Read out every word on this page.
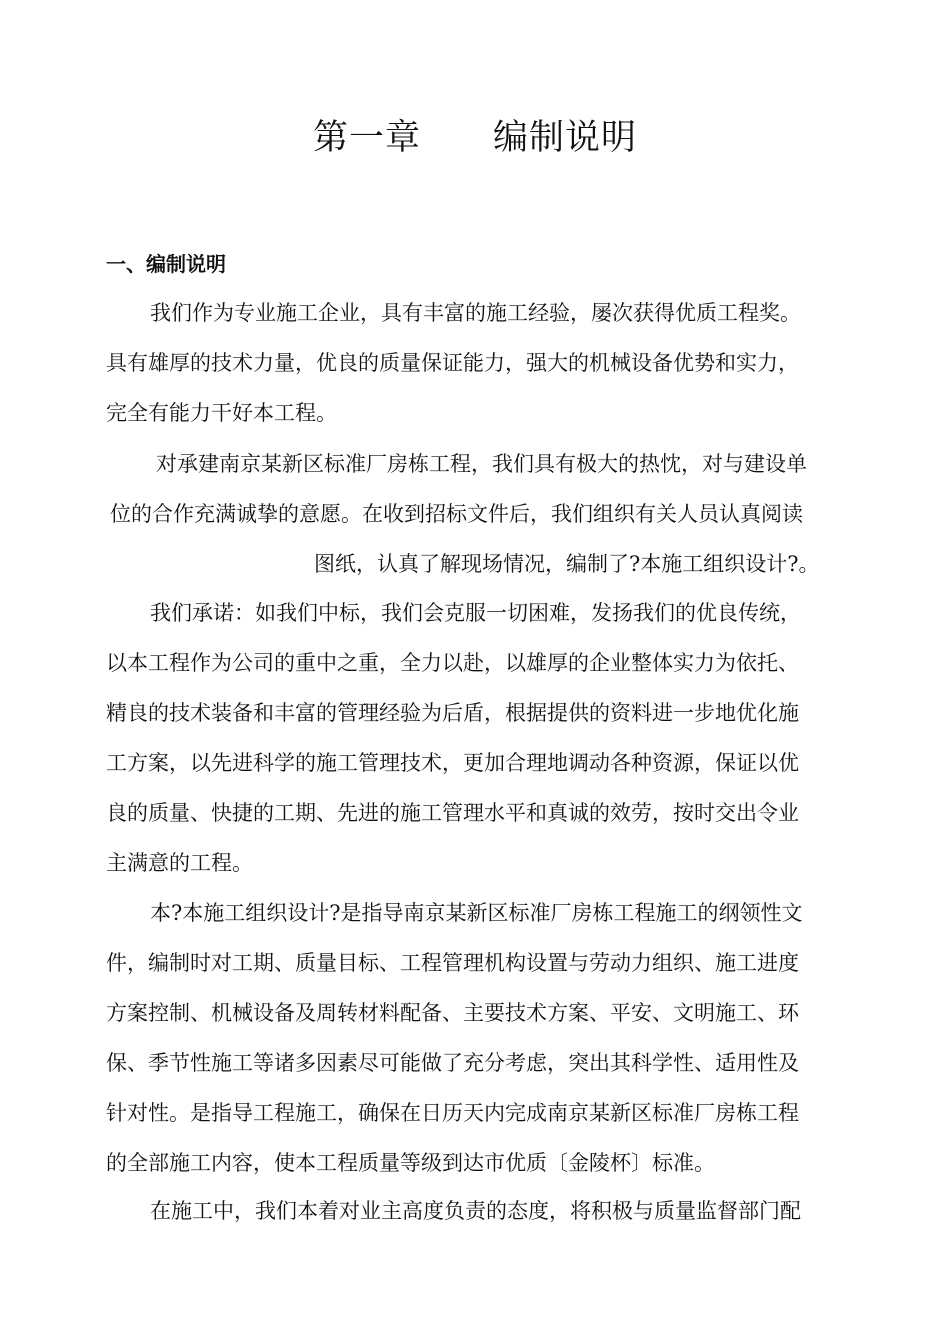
第一章　　编制说明
一、编制说明
我们作为专业施工企业，具有丰富的施工经验，屡次获得优质工程奖。
具有雄厚的技术力量，优良的质量保证能力，强大的机械设备优势和实力，
完全有能力干好本工程。
对承建南京某新区标准厂房栋工程，我们具有极大的热忱，对与建设单
位的合作充满诚挚的意愿。在收到招标文件后，我们组织有关人员认真阅读
图纸，认真了解现场情况，编制了?本施工组织设计?。
我们承诺：如我们中标，我们会克服一切困难，发扬我们的优良传统，
以本工程作为公司的重中之重，全力以赴，以雄厚的企业整体实力为依托、
精良的技术装备和丰富的管理经验为后盾，根据提供的资料进一步地优化施
工方案，以先进科学的施工管理技术，更加合理地调动各种资源，保证以优
良的质量、快捷的工期、先进的施工管理水平和真诚的效劳，按时交出令业
主满意的工程。
本?本施工组织设计?是指导南京某新区标准厂房栋工程施工的纲领性文
件，编制时对工期、质量目标、工程管理机构设置与劳动力组织、施工进度
方案控制、机械设备及周转材料配备、主要技术方案、平安、文明施工、环
保、季节性施工等诸多因素尽可能做了充分考虑，突出其科学性、适用性及
针对性。是指导工程施工，确保在日历天内完成南京某新区标准厂房栋工程
的全部施工内容，使本工程质量等级到达市优质〔金陵杯〕标准。
在施工中，我们本着对业主高度负责的态度，将积极与质量监督部门配
